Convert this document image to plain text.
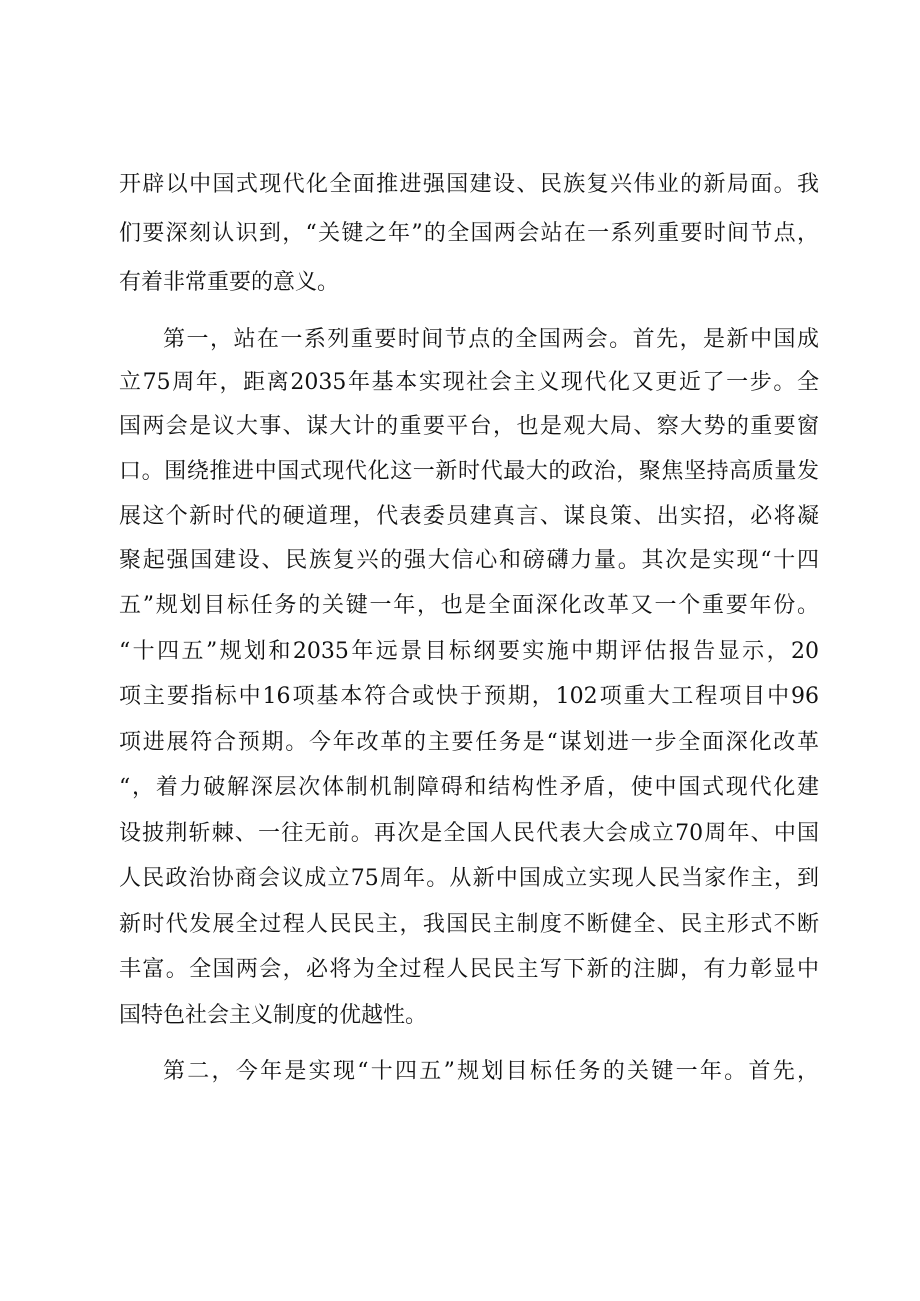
开辟以中国式现代化全面推进强国建设、民族复兴伟业的新局面。我
们要深刻认识到，“关键之年”的全国两会站在一系列重要时间节点，
有着非常重要的意义。
第一，站在一系列重要时间节点的全国两会。首先，是新中国成
立75周年，距离2035年基本实现社会主义现代化又更近了一步。全
国两会是议大事、谋大计的重要平台，也是观大局、察大势的重要窗
口。围绕推进中国式现代化这一新时代最大的政治，聚焦坚持高质量发
展这个新时代的硬道理，代表委员建真言、谋良策、出实招，必将凝
聚起强国建设、民族复兴的强大信心和磅礴力量。其次是实现“十四
五”规划目标任务的关键一年，也是全面深化改革又一个重要年份。
“十四五”规划和2035年远景目标纲要实施中期评估报告显示，20
项主要指标中16项基本符合或快于预期，102项重大工程项目中96
项进展符合预期。今年改革的主要任务是“谋划进一步全面深化改革
“，着力破解深层次体制机制障碍和结构性矛盾，使中国式现代化建
设披荆斩棘、一往无前。再次是全国人民代表大会成立70周年、中国
人民政治协商会议成立75周年。从新中国成立实现人民当家作主，到
新时代发展全过程人民民主，我国民主制度不断健全、民主形式不断
丰富。全国两会，必将为全过程人民民主写下新的注脚，有力彰显中
国特色社会主义制度的优越性。
第二，今年是实现“十四五”规划目标任务的关键一年。首先，
